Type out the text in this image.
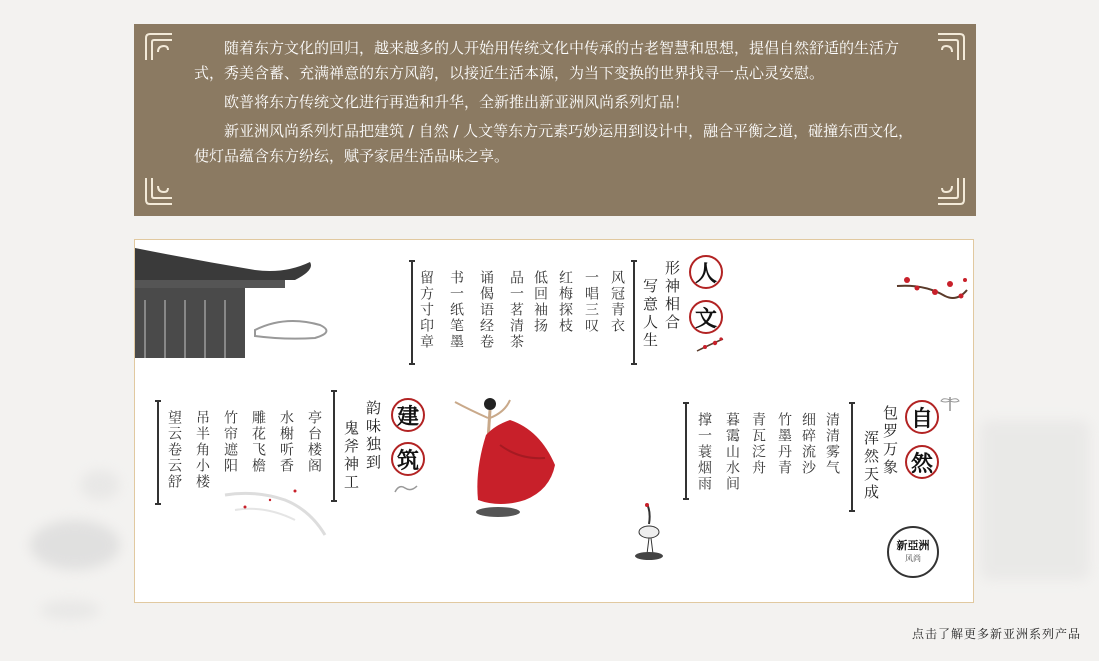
随着东方文化的回归，越来越多的人开始用传统文化中传承的古老智慧和思想，提倡自然舒适的生活方式，秀美含蓄、充满禅意的东方风韵，以接近生活本源，为当下变换的世界找寻一点心灵安慰。

欧普将东方传统文化进行再造和升华，全新推出新亚洲风尚系列灯品！

新亚洲风尚系列灯品把建筑 / 自然 / 人文等东方元素巧妙运用到设计中，融合平衡之道，碰撞东西文化，使灯品蕴含东方纷纭，赋予家居生活品味之享。

留方寸印章 书一纸笔墨 诵偈语经卷 品一茗清茶 低回袖扬 红梅探枝 一唱三叹 风冠青衣 写意人生 形神相合 人
文
望云卷云舒 吊半角小楼 竹帘遮阳 雕花飞檐 水榭听香 亭台楼阁 鬼斧神工 韵味独到 建
筑	撑一蓑烟雨 暮霭山水间 青瓦泛舟 竹墨丹青 细碎流沙 清清雾气 浑然天成 包罗万象 自
然
新亞洲
风尚
点击了解更多新亚洲系列产品
